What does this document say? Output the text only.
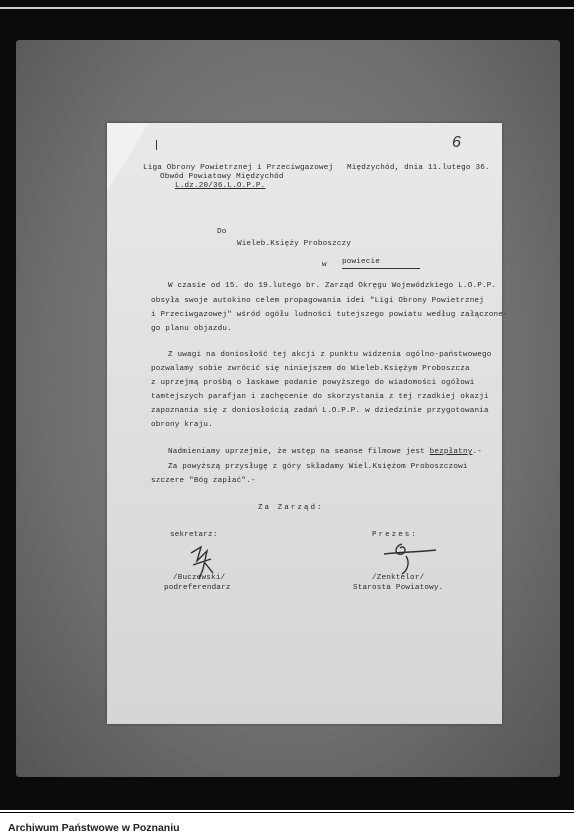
6
Liga Obrony Powietrznej i Przeciwgazowej
Obwód Powiatowy Międzychód
L.dz.20/36.L.O.P.P.
Międzychód, dnia 11.lutego 36.
Do
Wieleb.Księży Proboszczy
w powiecie
W czasie od 15. do 19.lutego br. Zarząd Okręgu Wojewódzkiego L.O.P.P.
obsyła swoje autokino celem propagowania idei "Ligi Obrony Powietrznej
i Przeciwgazowej" wśród ogółu ludności tutejszego powiatu według załączone-
go planu objazdu.
Z uwagi na doniosłość tej akcji z punktu widzenia ogólno-państwowego
pozwalamy sobie zwrócić się niniejszem do Wieleb.Księżym Proboszcza
z uprzejmą prośbą o łaskawe podanie powyższego do wiadomości ogółowi
tamtejszych parafjan i zachęcenie do skorzystania z tej rzadkiej okazji
zapoznania się z doniosłością zadań L.O.P.P. w dziedzinie przygotowania
obrony kraju.
Nadmieniamy uprzejmie, że wstęp na seanse filmowe jest bezpłatny.-
Za powyższą przysługę z góry składamy Wiel.Księżom Proboszczowi
szczere "Bóg zapłać".-
Za Zarząd:
sekretarz:	Prezes:
/Buczewski/
podreferendarz
/Zenktelor/
Starosta Powiatowy.
Archiwum Państwowe w Poznaniu
